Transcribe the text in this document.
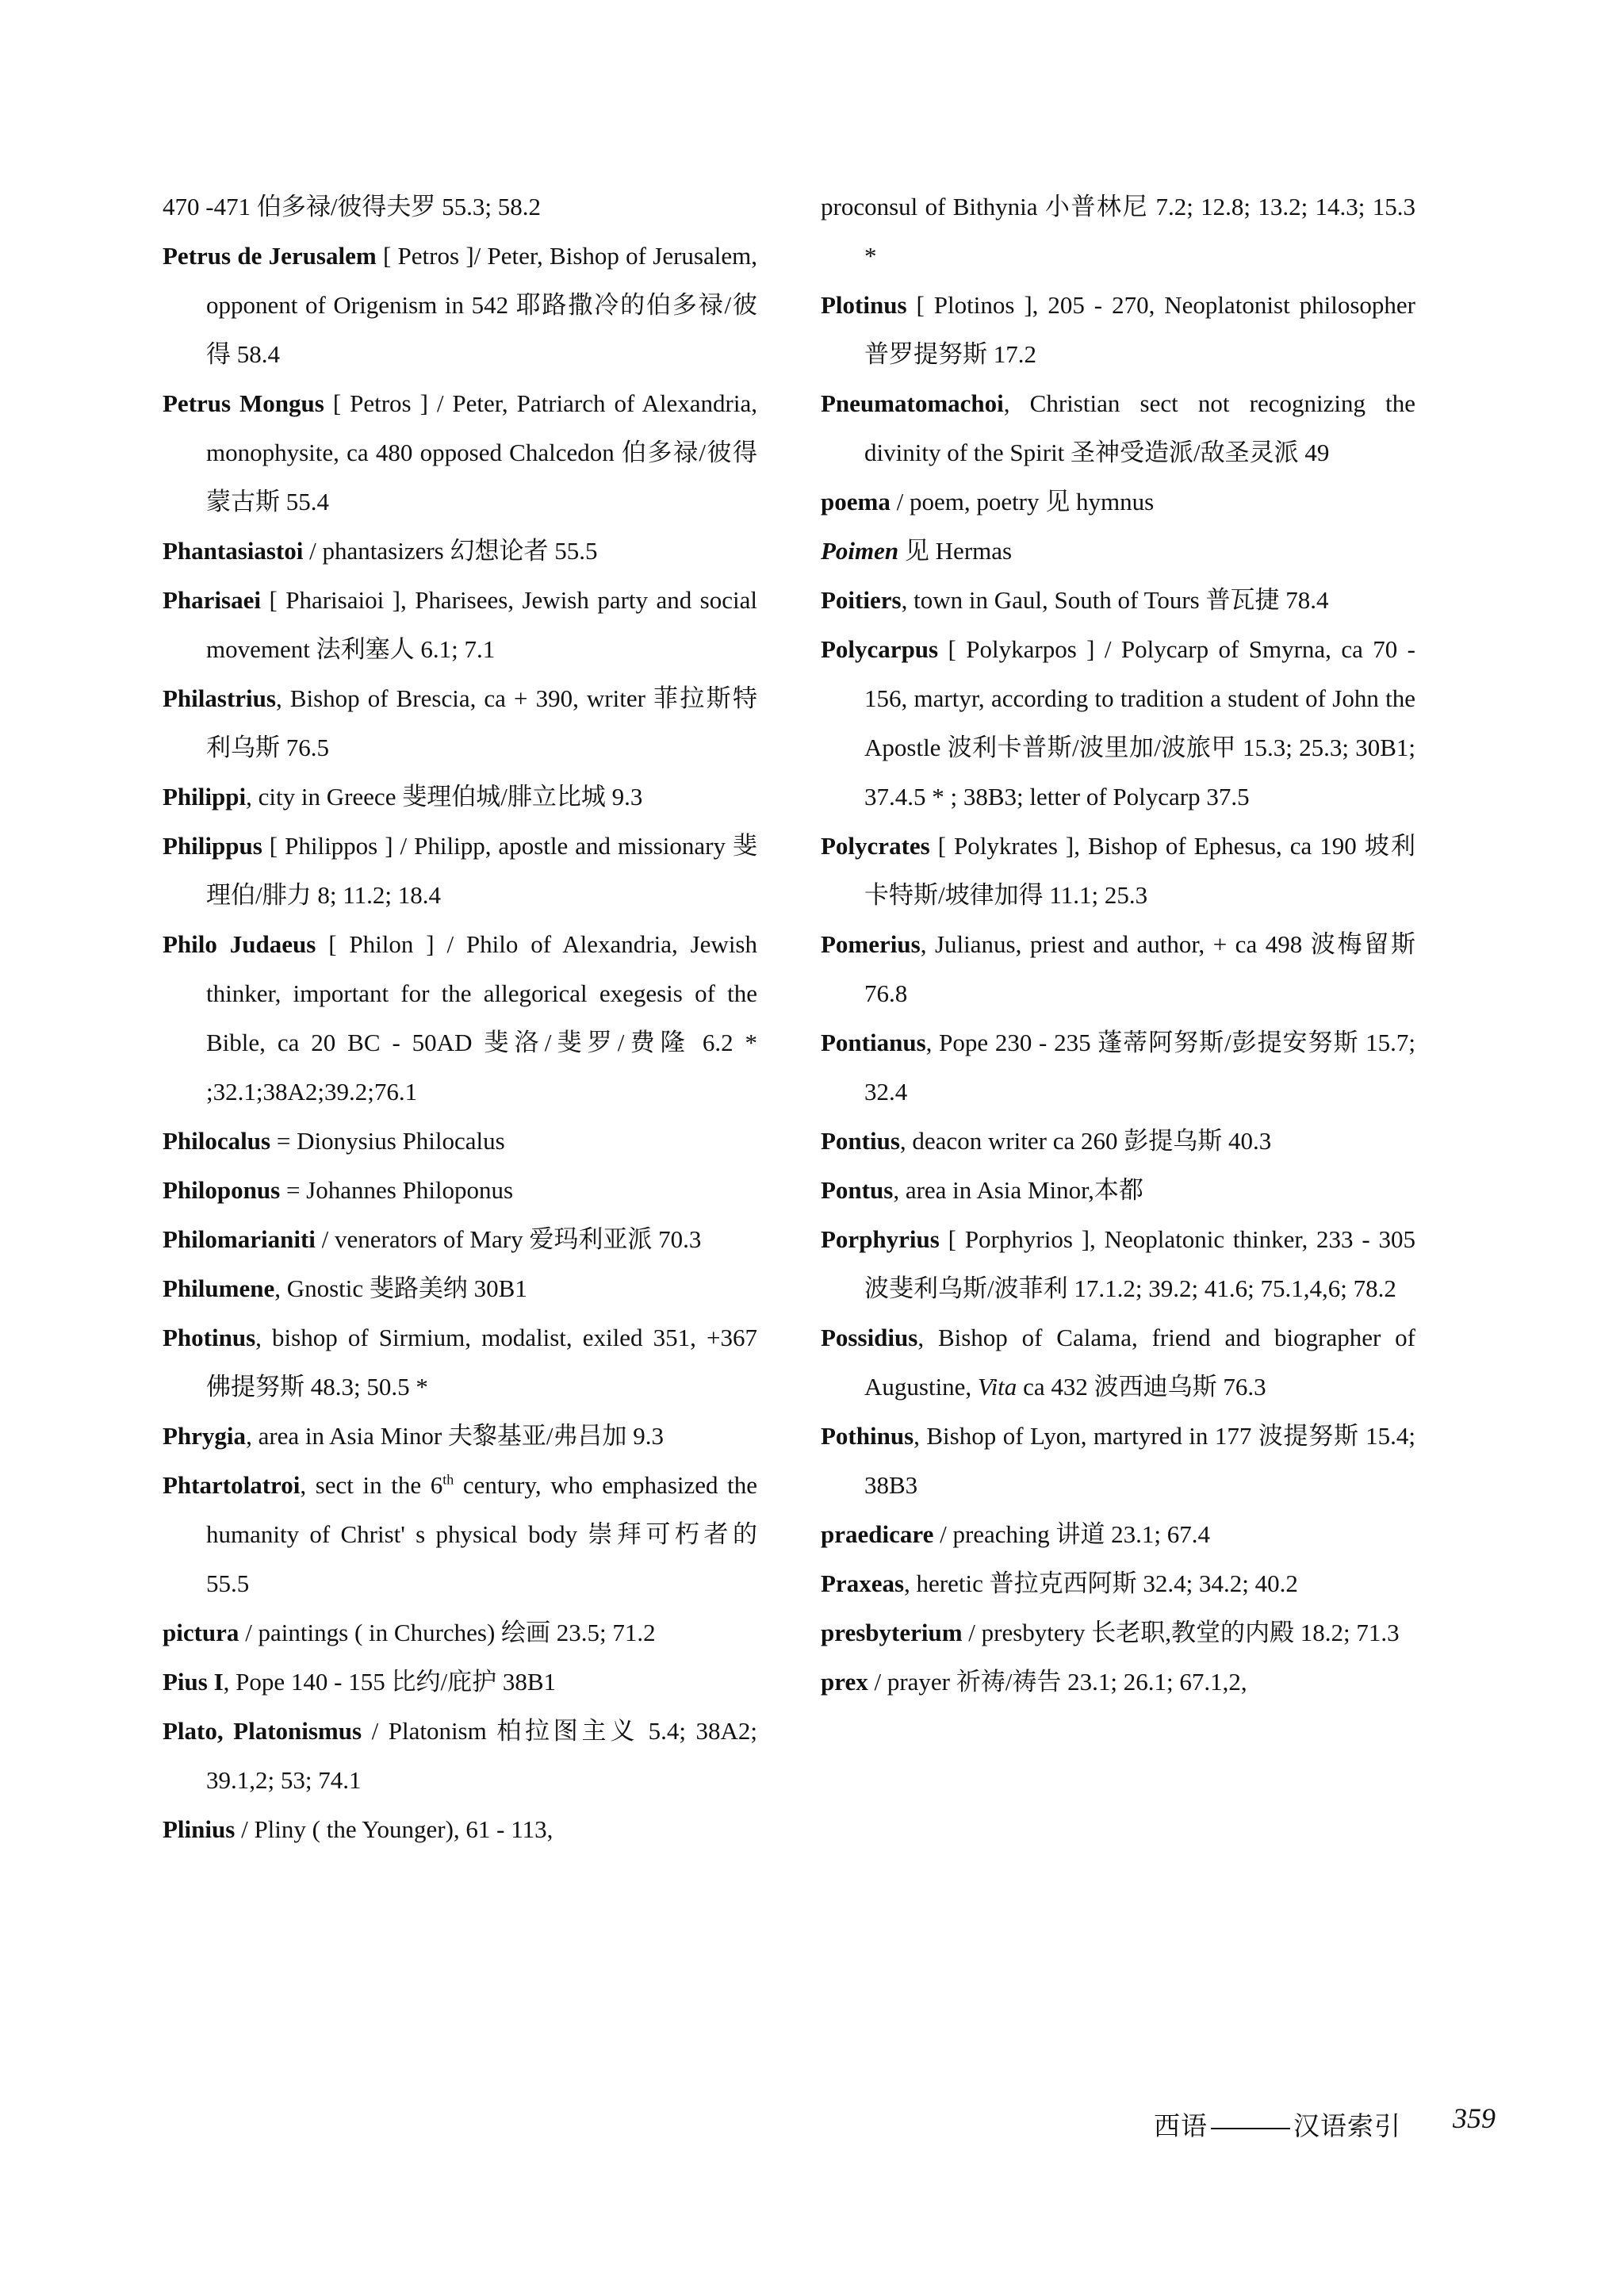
470 -471 伯多禄/彼得夫罗 55.3; 58.2
Petrus de Jerusalem [ Petros ]/ Peter, Bishop of Jerusalem, opponent of Origenism in 542 耶路撒冷的伯多禄/彼得 58.4
Petrus Mongus [ Petros ] / Peter, Patriarch of Alexandria, monophysite, ca 480 opposed Chalcedon 伯多禄/彼得蒙古斯 55.4
Phantasiastoi / phantasizers 幻想论者 55.5
Pharisaei [ Pharisaioi ], Pharisees, Jewish party and social movement 法利塞人 6.1; 7.1
Philastrius, Bishop of Brescia, ca + 390, writer 菲拉斯特利乌斯 76.5
Philippi, city in Greece 斐理伯城/腓立比城 9.3
Philippus [ Philippos ] / Philipp, apostle and missionary 斐理伯/腓力 8; 11.2; 18.4
Philo Judaeus [ Philon ] / Philo of Alexandria, Jewish thinker, important for the allegorical exegesis of the Bible, ca 20 BC - 50AD 斐洛/斐罗/费隆 6.2 * ;32.1;38A2;39.2;76.1
Philocalus = Dionysius Philocalus
Philoponus = Johannes Philoponus
Philomarianiti / venerators of Mary 爱玛利亚派 70.3
Philumene, Gnostic 斐路美纳 30B1
Photinus, bishop of Sirmium, modalist, exiled 351, +367 佛提努斯 48.3; 50.5 *
Phrygia, area in Asia Minor 夫黎基亚/弗吕加 9.3
Phtartolatroi, sect in the 6th century, who emphasized the humanity of Christ' s physical body 崇拜可朽者的 55.5
pictura / paintings ( in Churches) 绘画 23.5; 71.2
Pius I, Pope 140 - 155 比约/庇护 38B1
Plato, Platonismus / Platonism 柏拉图主义 5.4; 38A2; 39.1,2; 53; 74.1
Plinius / Pliny ( the Younger), 61 - 113,
proconsul of Bithynia 小普林尼 7.2; 12.8; 13.2; 14.3; 15.3 *
Plotinus [ Plotinos ], 205 - 270, Neoplatonist philosopher 普罗提努斯 17.2
Pneumatomachoi, Christian sect not recognizing the divinity of the Spirit 圣神受造派/敌圣灵派 49
poema / poem, poetry 见 hymnus
Poimen 见 Hermas
Poitiers, town in Gaul, South of Tours 普瓦捷 78.4
Polycarpus [ Polykarpos ] / Polycarp of Smyrna, ca 70 - 156, martyr, according to tradition a student of John the Apostle 波利卡普斯/波里加/波旅甲 15.3; 25.3; 30B1; 37.4.5 * ; 38B3; letter of Polycarp 37.5
Polycrates [ Polykrates ], Bishop of Ephesus, ca 190 坡利卡特斯/坡律加得 11.1; 25.3
Pomerius, Julianus, priest and author, + ca 498 波梅留斯 76.8
Pontianus, Pope 230 - 235 蓬蒂阿努斯/彭提安努斯 15.7; 32.4
Pontius, deacon writer ca 260 彭提乌斯 40.3
Pontus, area in Asia Minor,本都
Porphyrius [ Porphyrios ], Neoplatonic thinker, 233 - 305 波斐利乌斯/波菲利 17.1.2; 39.2; 41.6; 75.1,4,6; 78.2
Possidius, Bishop of Calama, friend and biographer of Augustine, Vita ca 432 波西迪乌斯 76.3
Pothinus, Bishop of Lyon, martyred in 177 波提努斯 15.4; 38B3
praedicare / preaching 讲道 23.1; 67.4
Praxeas, heretic 普拉克西阿斯 32.4; 34.2; 40.2
presbyterium / presbytery 长老职,教堂的内殿 18.2; 71.3
prex / prayer 祈祷/祷告 23.1; 26.1; 67.1,2,
西语	汉语索引 359
